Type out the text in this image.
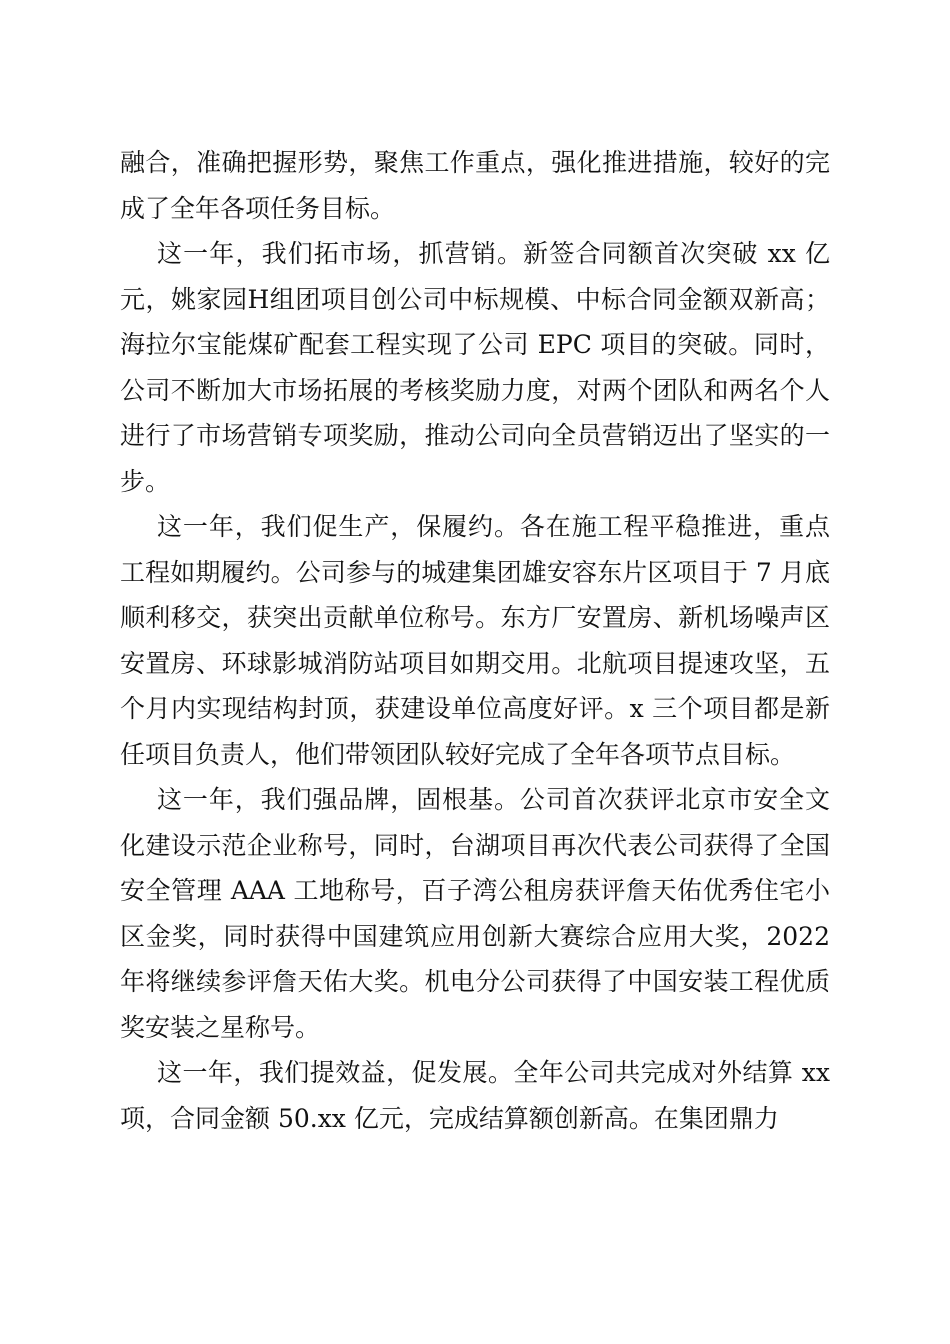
融合，准确把握形势，聚焦工作重点，强化推进措施，较好的完成了全年各项任务目标。

这一年，我们拓市场，抓营销。新签合同额首次突破 xx 亿元，姚家园H组团项目创公司中标规模、中标合同金额双新高；海拉尔宝能煤矿配套工程实现了公司 EPC 项目的突破。同时，公司不断加大市场拓展的考核奖励力度，对两个团队和两名个人进行了市场营销专项奖励，推动公司向全员营销迈出了坚实的一步。

这一年，我们促生产，保履约。各在施工程平稳推进，重点工程如期履约。公司参与的城建集团雄安容东片区项目于 7 月底顺利移交，获突出贡献单位称号。东方厂安置房、新机场噪声区安置房、环球影城消防站项目如期交用。北航项目提速攻坚，五个月内实现结构封顶，获建设单位高度好评。x 三个项目都是新任项目负责人，他们带领团队较好完成了全年各项节点目标。

这一年，我们强品牌，固根基。公司首次获评北京市安全文化建设示范企业称号，同时，台湖项目再次代表公司获得了全国安全管理 AAA 工地称号，百子湾公租房获评詹天佑优秀住宅小区金奖，同时获得中国建筑应用创新大赛综合应用大奖，2022 年将继续参评詹天佑大奖。机电分公司获得了中国安装工程优质奖安装之星称号。

这一年，我们提效益，促发展。全年公司共完成对外结算 xx 项，合同金额 50.xx 亿元，完成结算额创新高。在集团鼎力
